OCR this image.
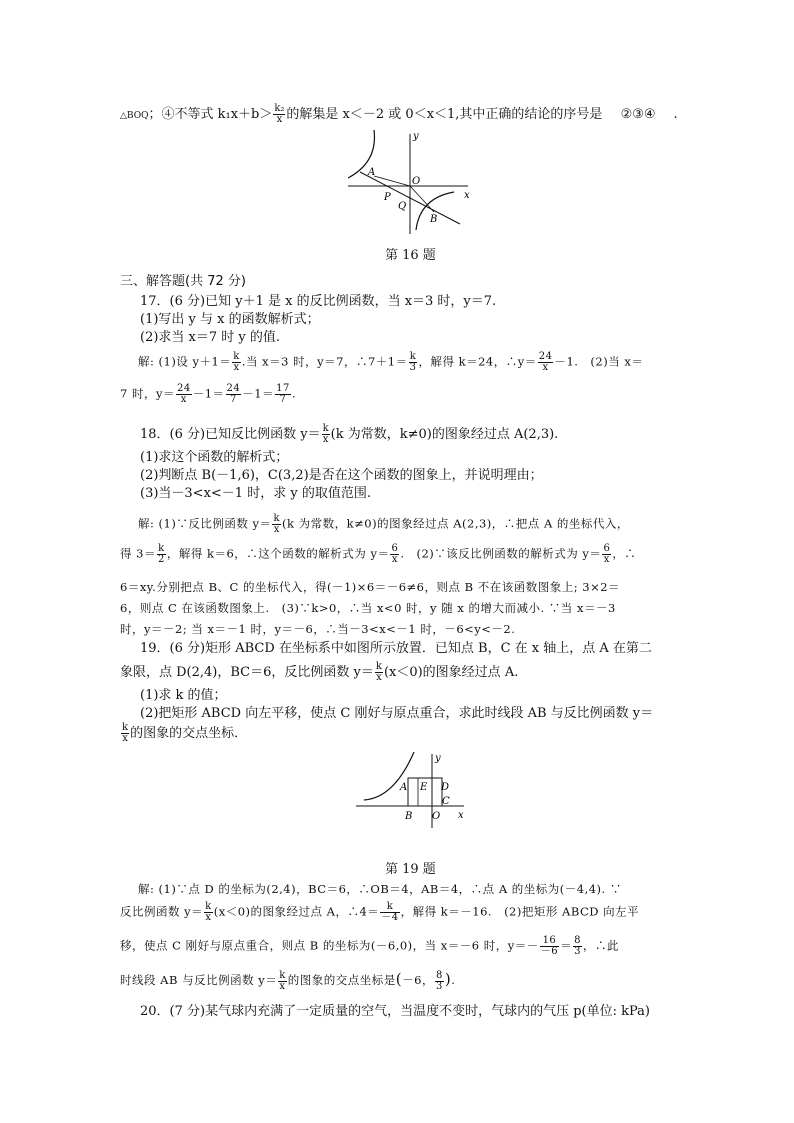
△BOQ；④不等式 $k_1x+b> \frac{\text{k₂}}{x}$ 的解集是 x＜－2 或 0＜x＜1,其中正确的结论的序号是 ②③④ .
y
x
A
O
P
Q
B
第 16 题
三、解答题(共 72 分)
17．(6 分)已知 y＋1 是 x 的反比例函数，当 x＝3 时，y＝7.
(1)写出 y 与 x 的函数解析式；
(2)求当 x＝7 时 y 的值.
解: (1)设 $y+1= \frac{k}{x}$ .当 x＝3 时，y＝7，∴7＋1＝ $\frac{k}{3}$ ，解得 k＝24，∴y＝ $\frac{24}{x} -1$.　(2)当 x＝
7 时，$y= \frac{24}{x} -1= \frac{24}{7} -1= \frac{17}{7}$ .
18．(6 分)已知反比例函数 $y= \frac{k}{x} (k$ 为常数，k≠0)的图象经过点 A(2,3).
(1)求这个函数的解析式；
(2)判断点 B(－1,6)，C(3,2)是否在这个函数的图象上，并说明理由；
(3)当－3<x<－1 时，求 y 的取值范围.
解: (1)∵反比例函数 $y= \frac{k}{x} (k$ 为常数，k≠0)的图象经过点 A(2,3)，∴把点 A 的坐标代入，
得 $3= \frac{k}{2}$ ，解得 k＝6，∴这个函数的解析式为 $y= \frac{6}{x}$ .　(2)∵该反比例函数的解析式为 $y= \frac{6}{x}$ ，∴
6＝xy.分别把点 B、C 的坐标代入，得(－1)×6＝－6≠6，则点 B 不在该函数图象上; 3×2＝
6，则点 C 在该函数图象上.　(3)∵k>0，∴当 x<0 时，y 随 x 的增大而减小. ∵当 x＝－3
时，y＝－2; 当 x＝－1 时，y＝－6，∴当－3<x<－1 时，－6<y<－2.
19．(6 分)矩形 ABCD 在坐标系中如图所示放置．已知点 B，C 在 x 轴上，点 A 在第二
象限，点 D(2,4)，BC＝6，反比例函数 $y= \frac{k}{x} (x<0)$的图象经过点 A.
(1)求 k 的值；
(2)把矩形 ABCD 向左平移，使点 C 刚好与原点重合，求此时线段 AB 与反比例函数 y＝
$\frac{k}{x}$ 的图象的交点坐标．
y
x
A E D
C
B O
第 19 题
解: (1)∵点 D 的坐标为(2,4)，BC＝6，∴OB＝4，AB＝4，∴点 A 的坐标为(－4,4). ∵
反比例函数 $y= \frac{k}{x} (x<0)$的图象经过点 A，∴4＝ $\frac{k}{-4}$ ，解得 k＝－16.　(2)把矩形 ABCD 向左平
移，使点 C 刚好与原点重合，则点 B 的坐标为(－6,0)，当 x＝－6 时，$y=- \frac{16}{-6} = \frac{8}{3}$ ，∴此
时线段 AB 与反比例函数 $y= \frac{k}{x}$ 的图象的交点坐标是(－6， $\frac{8}{3}$ ).
20．(7 分)某气球内充满了一定质量的空气，当温度不变时，气球内的气压 p(单位: kPa)
